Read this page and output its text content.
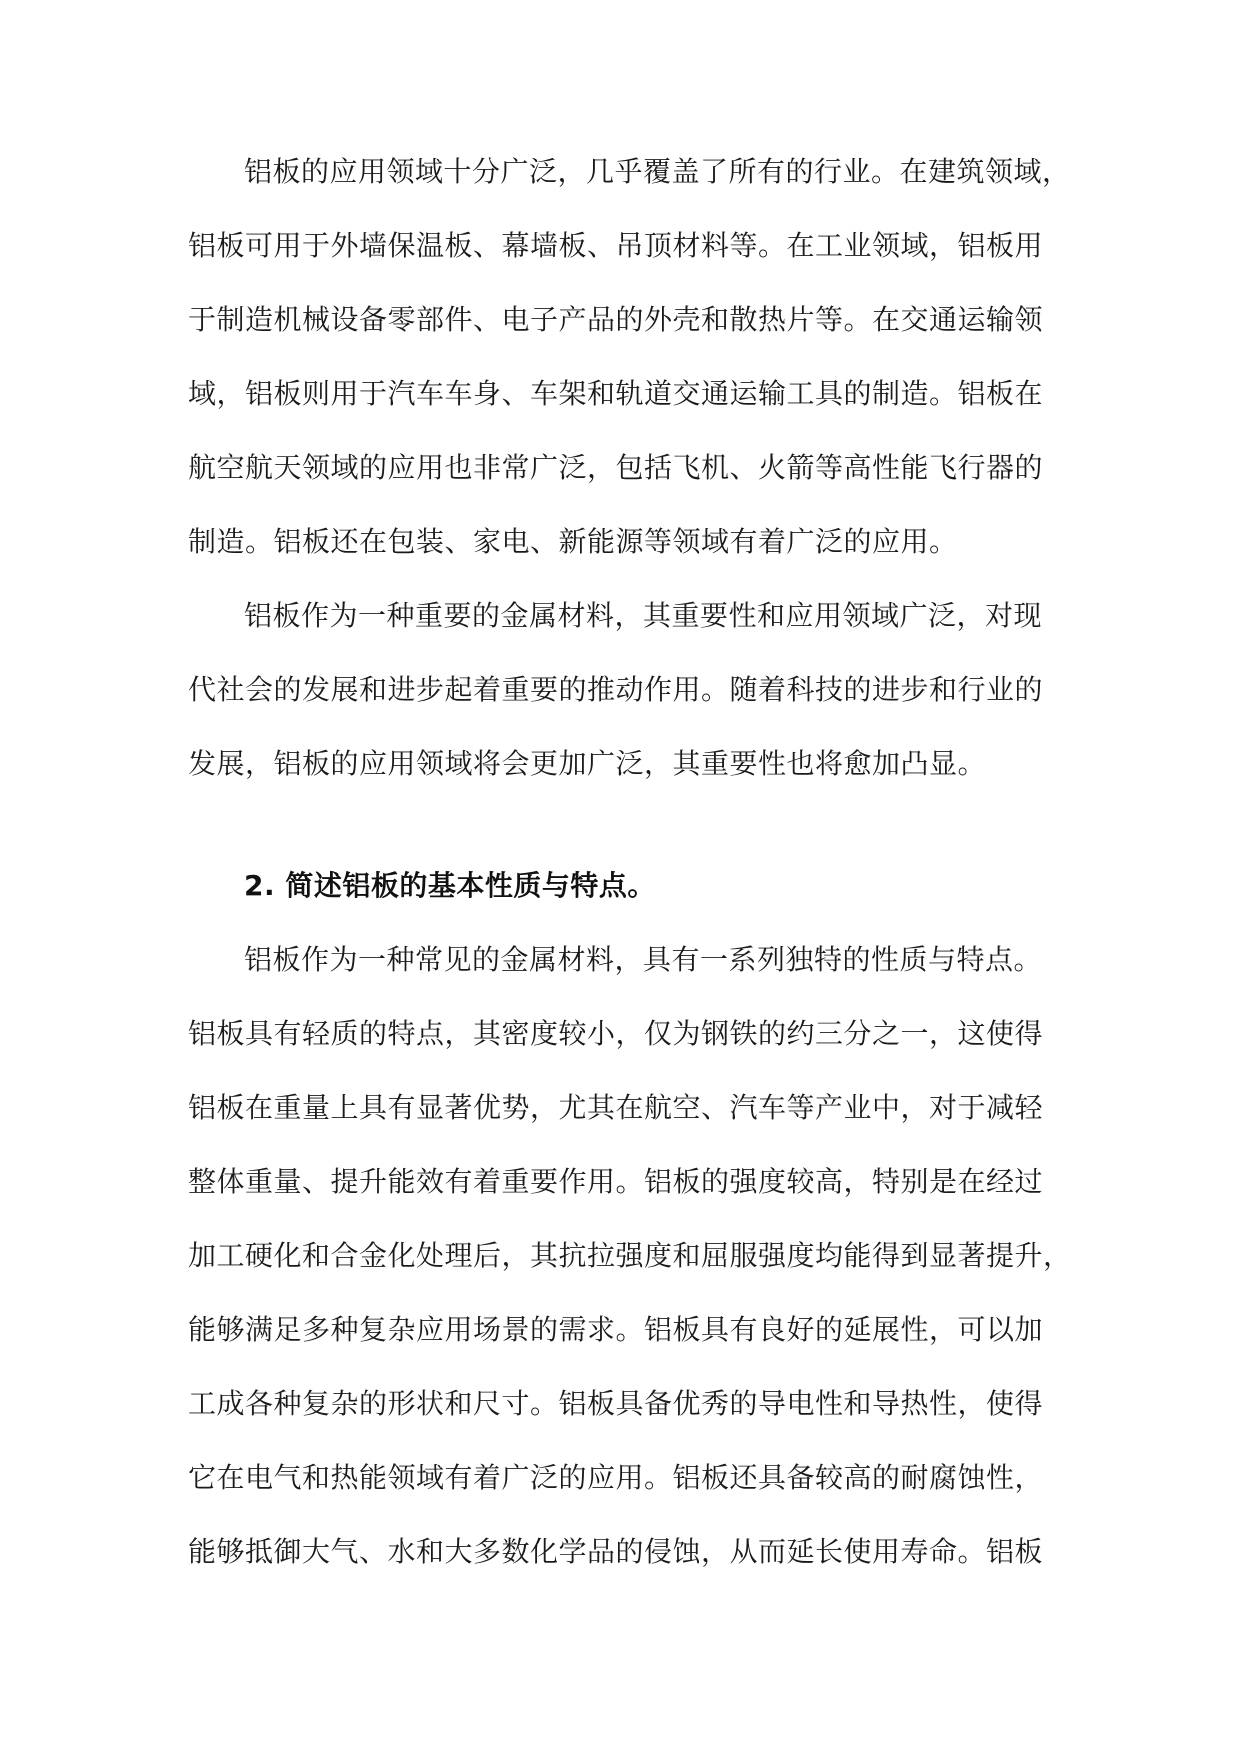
铝板的应用领域十分广泛，几乎覆盖了所有的行业。在建筑领域，
铝板可用于外墙保温板、幕墙板、吊顶材料等。在工业领域，铝板用
于制造机械设备零部件、电子产品的外壳和散热片等。在交通运输领
域，铝板则用于汽车车身、车架和轨道交通运输工具的制造。铝板在
航空航天领域的应用也非常广泛，包括飞机、火箭等高性能飞行器的
制造。铝板还在包装、家电、新能源等领域有着广泛的应用。
铝板作为一种重要的金属材料，其重要性和应用领域广泛，对现
代社会的发展和进步起着重要的推动作用。随着科技的进步和行业的
发展，铝板的应用领域将会更加广泛，其重要性也将愈加凸显。
2. 简述铝板的基本性质与特点。
铝板作为一种常见的金属材料，具有一系列独特的性质与特点。
铝板具有轻质的特点，其密度较小，仅为钢铁的约三分之一，这使得
铝板在重量上具有显著优势，尤其在航空、汽车等产业中，对于减轻
整体重量、提升能效有着重要作用。铝板的强度较高，特别是在经过
加工硬化和合金化处理后，其抗拉强度和屈服强度均能得到显著提升，
能够满足多种复杂应用场景的需求。铝板具有良好的延展性，可以加
工成各种复杂的形状和尺寸。铝板具备优秀的导电性和导热性，使得
它在电气和热能领域有着广泛的应用。铝板还具备较高的耐腐蚀性，
能够抵御大气、水和大多数化学品的侵蚀，从而延长使用寿命。铝板
